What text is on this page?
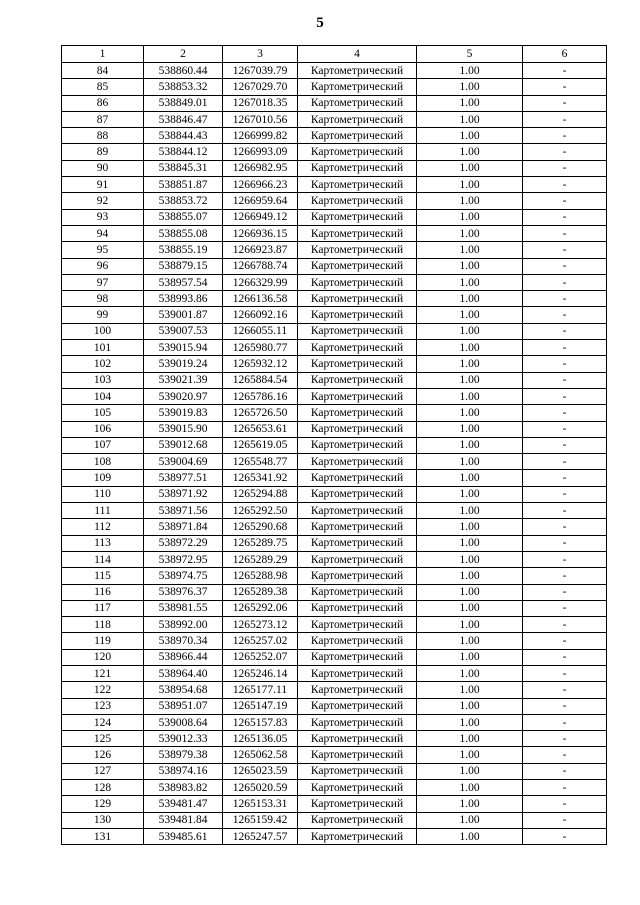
5
1	2	3	4	5	6
84	538860.44	1267039.79	Картометрический	1.00	-
85	538853.32	1267029.70	Картометрический	1.00	-
86	538849.01	1267018.35	Картометрический	1.00	-
87	538846.47	1267010.56	Картометрический	1.00	-
88	538844.43	1266999.82	Картометрический	1.00	-
89	538844.12	1266993.09	Картометрический	1.00	-
90	538845.31	1266982.95	Картометрический	1.00	-
91	538851.87	1266966.23	Картометрический	1.00	-
92	538853.72	1266959.64	Картометрический	1.00	-
93	538855.07	1266949.12	Картометрический	1.00	-
94	538855.08	1266936.15	Картометрический	1.00	-
95	538855.19	1266923.87	Картометрический	1.00	-
96	538879.15	1266788.74	Картометрический	1.00	-
97	538957.54	1266329.99	Картометрический	1.00	-
98	538993.86	1266136.58	Картометрический	1.00	-
99	539001.87	1266092.16	Картометрический	1.00	-
100	539007.53	1266055.11	Картометрический	1.00	-
101	539015.94	1265980.77	Картометрический	1.00	-
102	539019.24	1265932.12	Картометрический	1.00	-
103	539021.39	1265884.54	Картометрический	1.00	-
104	539020.97	1265786.16	Картометрический	1.00	-
105	539019.83	1265726.50	Картометрический	1.00	-
106	539015.90	1265653.61	Картометрический	1.00	-
107	539012.68	1265619.05	Картометрический	1.00	-
108	539004.69	1265548.77	Картометрический	1.00	-
109	538977.51	1265341.92	Картометрический	1.00	-
110	538971.92	1265294.88	Картометрический	1.00	-
111	538971.56	1265292.50	Картометрический	1.00	-
112	538971.84	1265290.68	Картометрический	1.00	-
113	538972.29	1265289.75	Картометрический	1.00	-
114	538972.95	1265289.29	Картометрический	1.00	-
115	538974.75	1265288.98	Картометрический	1.00	-
116	538976.37	1265289.38	Картометрический	1.00	-
117	538981.55	1265292.06	Картометрический	1.00	-
118	538992.00	1265273.12	Картометрический	1.00	-
119	538970.34	1265257.02	Картометрический	1.00	-
120	538966.44	1265252.07	Картометрический	1.00	-
121	538964.40	1265246.14	Картометрический	1.00	-
122	538954.68	1265177.11	Картометрический	1.00	-
123	538951.07	1265147.19	Картометрический	1.00	-
124	539008.64	1265157.83	Картометрический	1.00	-
125	539012.33	1265136.05	Картометрический	1.00	-
126	538979.38	1265062.58	Картометрический	1.00	-
127	538974.16	1265023.59	Картометрический	1.00	-
128	538983.82	1265020.59	Картометрический	1.00	-
129	539481.47	1265153.31	Картометрический	1.00	-
130	539481.84	1265159.42	Картометрический	1.00	-
131	539485.61	1265247.57	Картометрический	1.00	-
